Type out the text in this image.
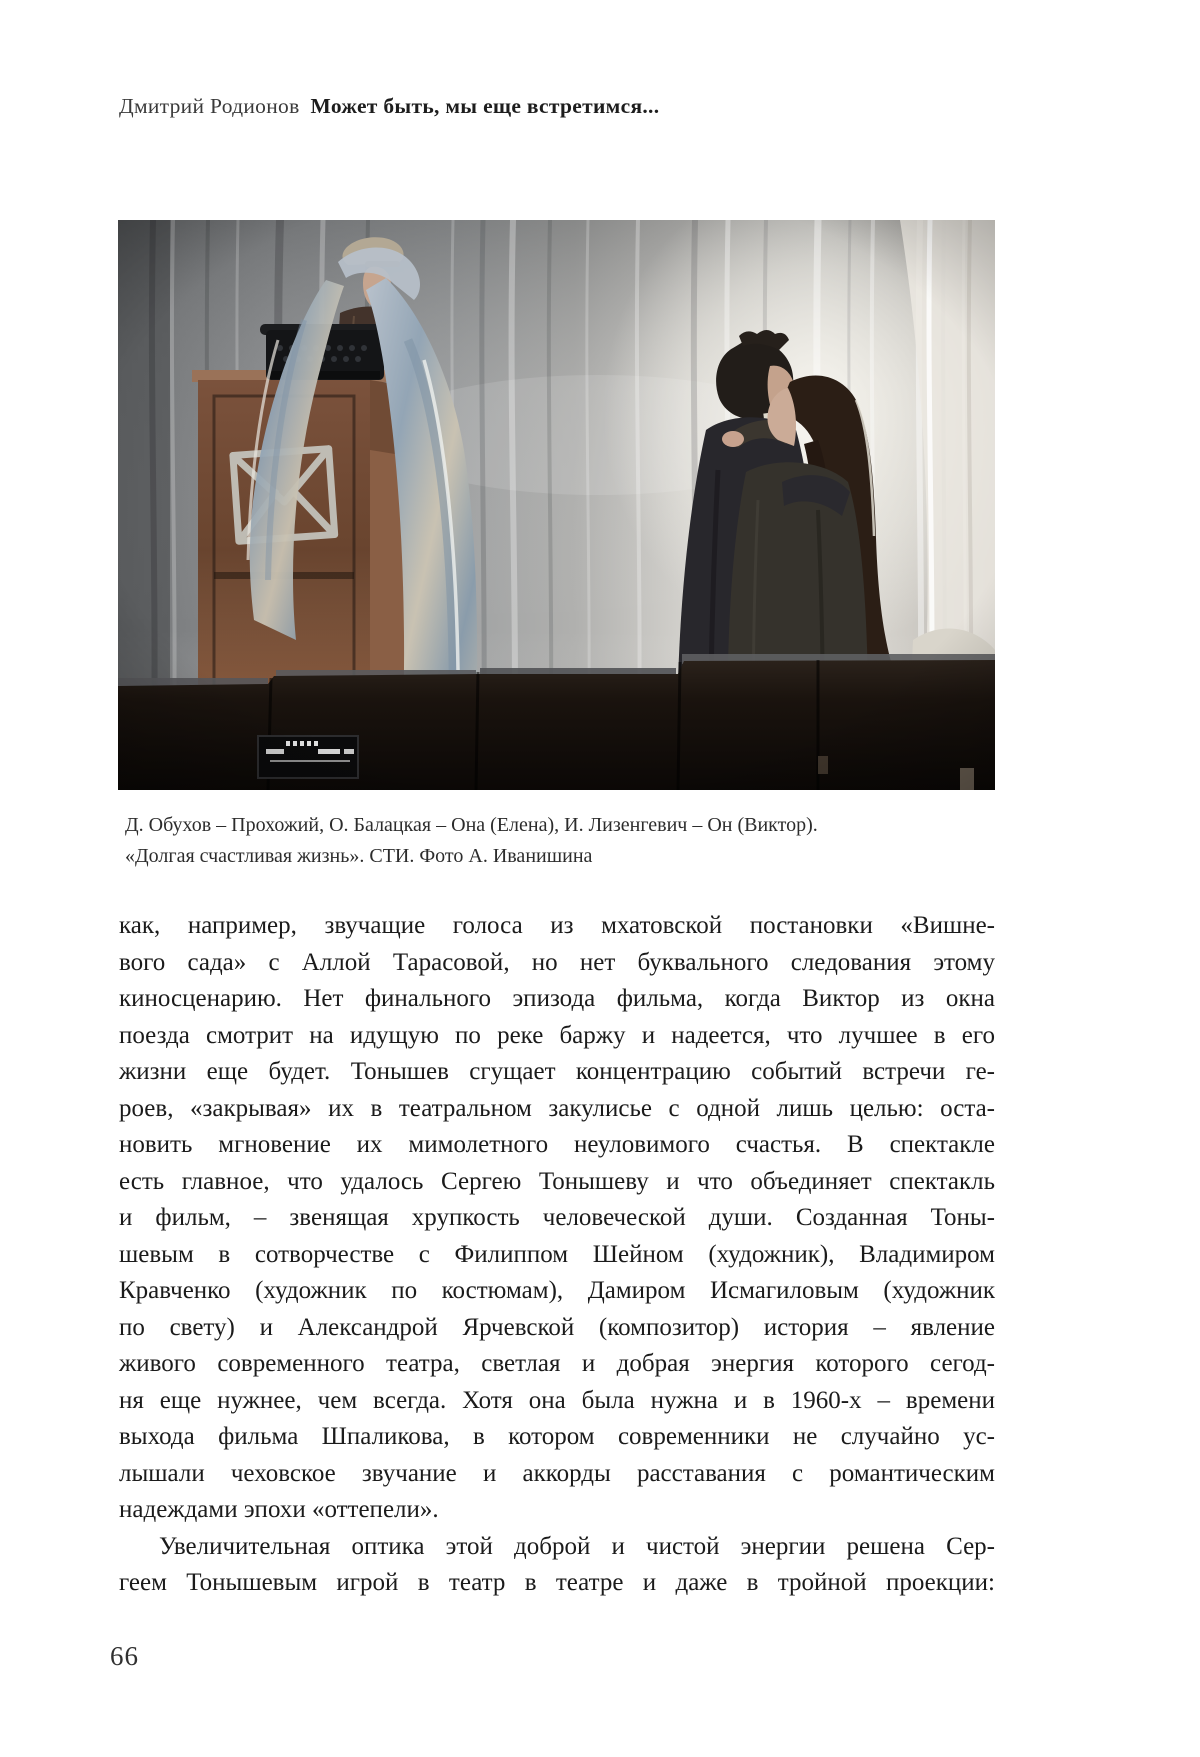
Дмитрий Родионов Может быть, мы еще встретимся...
Д. Обухов – Прохожий, О. Балацкая – Она (Елена), И. Лизенгевич – Он (Виктор).
«Долгая счастливая жизнь». СТИ. Фото А. Иванишина
как, например, звучащие голоса из мхатовской постановки «Вишне-
вого сада» с Аллой Тарасовой, но нет буквального следования этому
киносценарию. Нет финального эпизода фильма, когда Виктор из окна
поезда смотрит на идущую по реке баржу и надеется, что лучшее в его
жизни еще будет. Тонышев сгущает концентрацию событий встречи ге-
роев, «закрывая» их в театральном закулисье с одной лишь целью: оста-
новить мгновение их мимолетного неуловимого счастья. В спектакле
есть главное, что удалось Сергею Тонышеву и что объединяет спектакль
и фильм, – звенящая хрупкость человеческой души. Созданная Тоны-
шевым в сотворчестве с Филиппом Шейном (художник), Владимиром
Кравченко (художник по костюмам), Дамиром Исмагиловым (художник
по свету) и Александрой Ярчевской (композитор) история – явление
живого современного театра, светлая и добрая энергия которого сегод-
ня еще нужнее, чем всегда. Хотя она была нужна и в 1960-х – времени
выхода фильма Шпаликова, в котором современники не случайно ус-
лышали чеховское звучание и аккорды расставания с романтическим
надеждами эпохи «оттепели».
Увеличительная оптика этой доброй и чистой энергии решена Сер-
геем Тонышевым игрой в театр в театре и даже в тройной проекции:
66
